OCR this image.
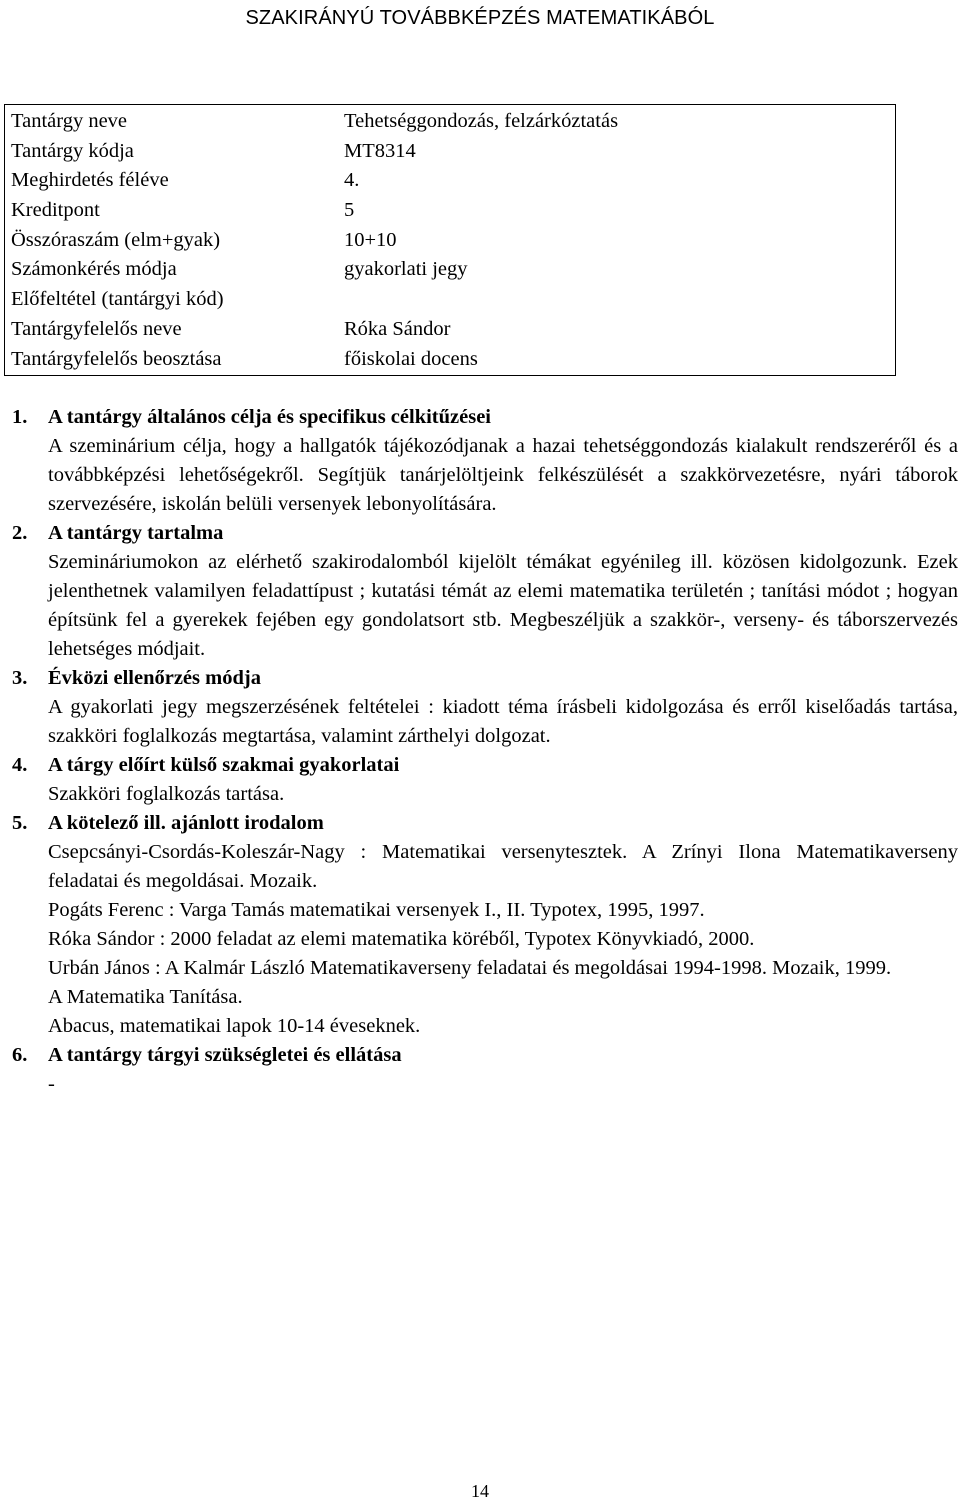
SZAKIRÁNYÚ TOVÁBBKÉPZÉS MATEMATIKÁBÓL
Tantárgy neve	Tehetséggondozás, felzárkóztatás
Tantárgy kódja	MT8314
Meghirdetés féléve	4.
Kreditpont	5
Összóraszám (elm+gyak)	10+10
Számonkérés módja	gyakorlati jegy
Előfeltétel (tantárgyi kód)
Tantárgyfelelős neve	Róka Sándor
Tantárgyfelelős beosztása	főiskolai docens
1.	A tantárgy általános célja és specifikus célkitűzései
A szeminárium célja, hogy a hallgatók tájékozódjanak a hazai tehetséggondozás kialakult rendszeréről és a továbbképzési lehetőségekről. Segítjük tanárjelöltjeink felkészülését a szakkörvezetésre, nyári táborok szervezésére, iskolán belüli versenyek lebonyolítására.
2.	A tantárgy tartalma
Szemináriumokon az elérhető szakirodalomból kijelölt témákat egyénileg ill. közösen kidolgozunk. Ezek jelenthetnek valamilyen feladattípust ; kutatási témát az elemi matematika területén ; tanítási módot ; hogyan építsünk fel a gyerekek fejében egy gondolatsort stb. Megbeszéljük a szakkör-, verseny- és táborszervezés lehetséges módjait.
3.	Évközi ellenőrzés módja
A gyakorlati jegy megszerzésének feltételei : kiadott téma írásbeli kidolgozása és erről kiselőadás tartása, szakköri foglalkozás megtartása, valamint zárthelyi dolgozat.
4.	A tárgy előírt külső szakmai gyakorlatai
Szakköri foglalkozás tartása.
5.	A kötelező ill. ajánlott irodalom
Csepcsányi-Csordás-Koleszár-Nagy : Matematikai versenytesztek. A Zrínyi Ilona Matematikaverseny feladatai és megoldásai. Mozaik.
Pogáts Ferenc : Varga Tamás matematikai versenyek I., II. Typotex, 1995, 1997.
Róka Sándor : 2000 feladat az elemi matematika köréből, Typotex Könyvkiadó, 2000.
Urbán János : A Kalmár László Matematikaverseny feladatai és megoldásai 1994-1998. Mozaik, 1999.
A Matematika Tanítása.
Abacus, matematikai lapok 10-14 éveseknek.
6.	A tantárgy tárgyi szükségletei és ellátása
-
14
